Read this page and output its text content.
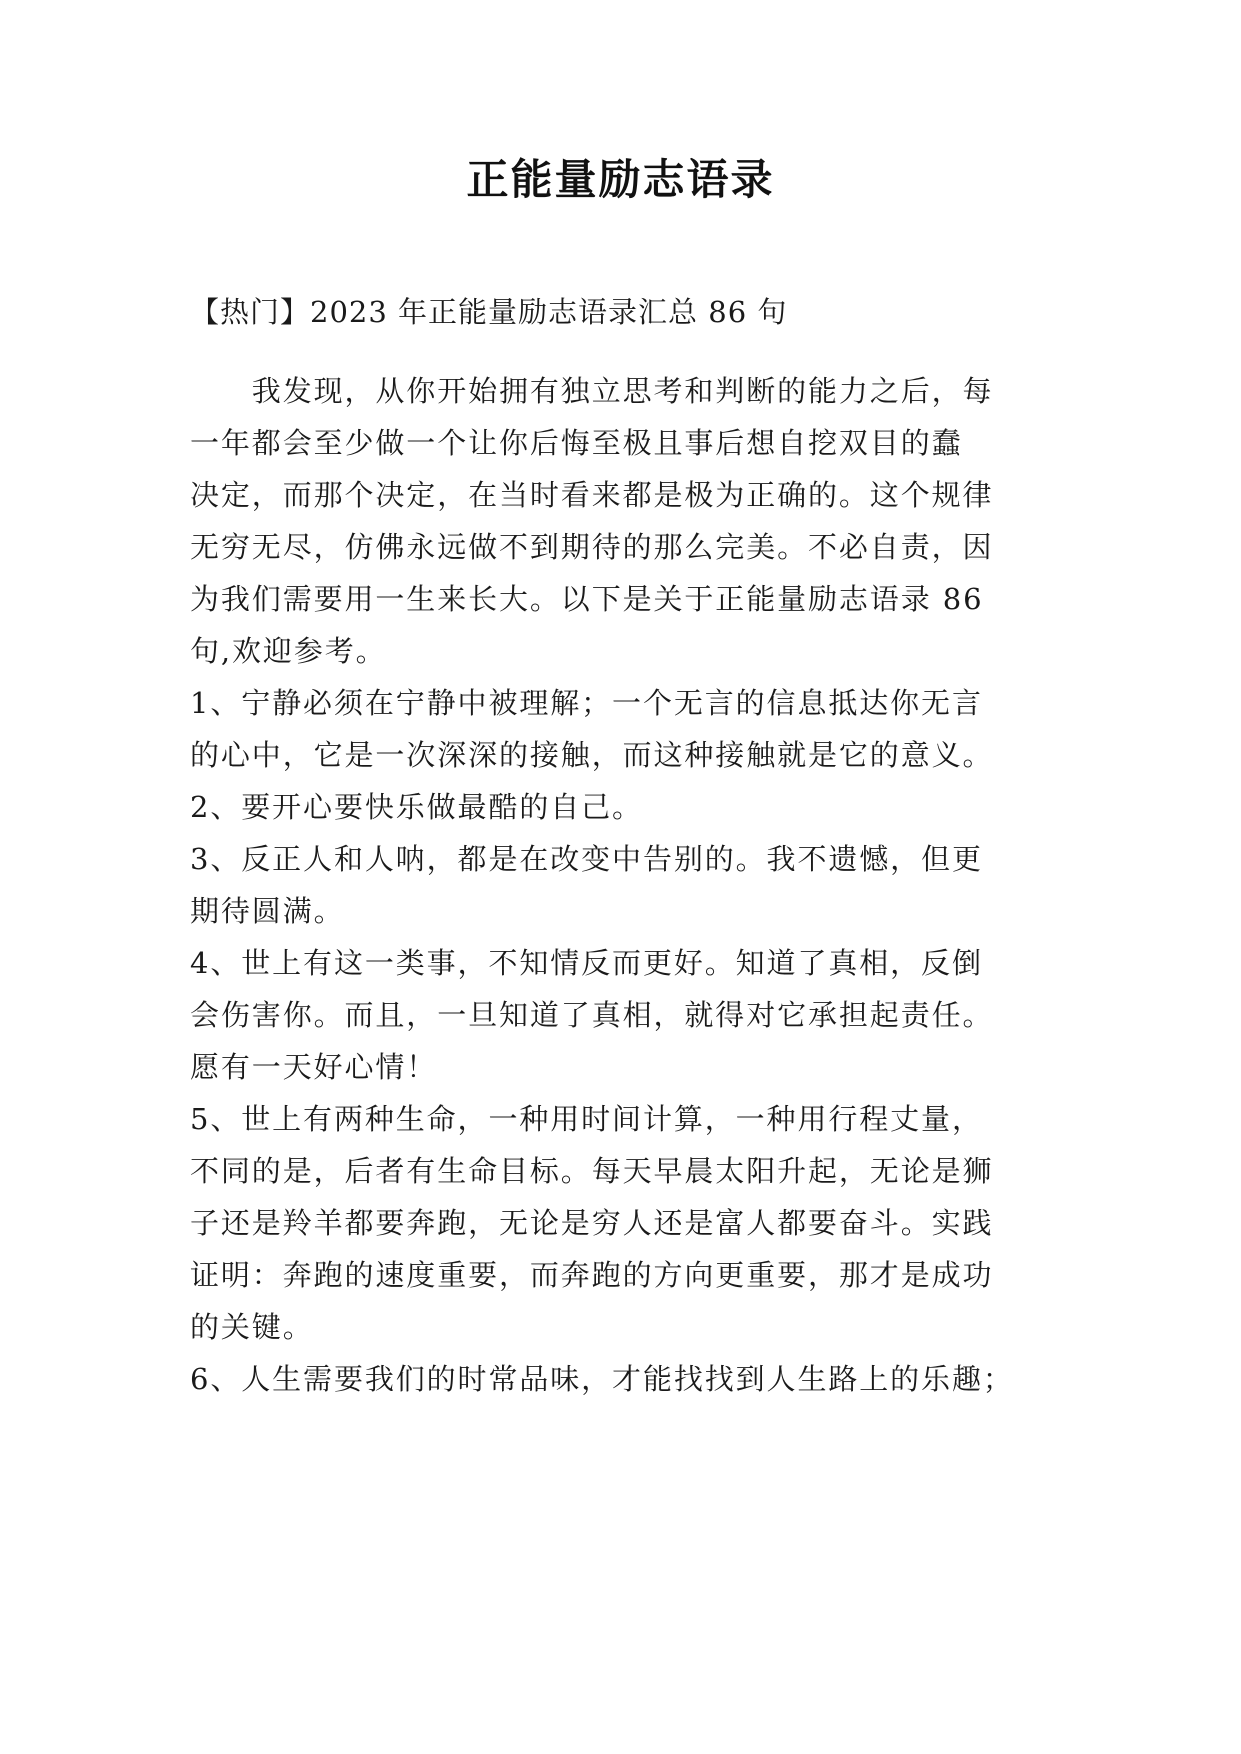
正能量励志语录
【热门】2023 年正能量励志语录汇总 86 句
　　我发现，从你开始拥有独立思考和判断的能力之后，每
一年都会至少做一个让你后悔至极且事后想自挖双目的蠢
决定，而那个决定，在当时看来都是极为正确的。这个规律
无穷无尽，仿佛永远做不到期待的那么完美。不必自责，因
为我们需要用一生来长大。以下是关于正能量励志语录 86
句,欢迎参考。
1、宁静必须在宁静中被理解；一个无言的信息抵达你无言
的心中，它是一次深深的接触，而这种接触就是它的意义。
2、要开心要快乐做最酷的自己。
3、反正人和人呐，都是在改变中告别的。我不遗憾，但更
期待圆满。
4、世上有这一类事，不知情反而更好。知道了真相，反倒
会伤害你。而且，一旦知道了真相，就得对它承担起责任。
愿有一天好心情！
5、世上有两种生命，一种用时间计算，一种用行程丈量，
不同的是，后者有生命目标。每天早晨太阳升起，无论是狮
子还是羚羊都要奔跑，无论是穷人还是富人都要奋斗。实践
证明：奔跑的速度重要，而奔跑的方向更重要，那才是成功
的关键。
6、人生需要我们的时常品味，才能找找到人生路上的乐趣；
